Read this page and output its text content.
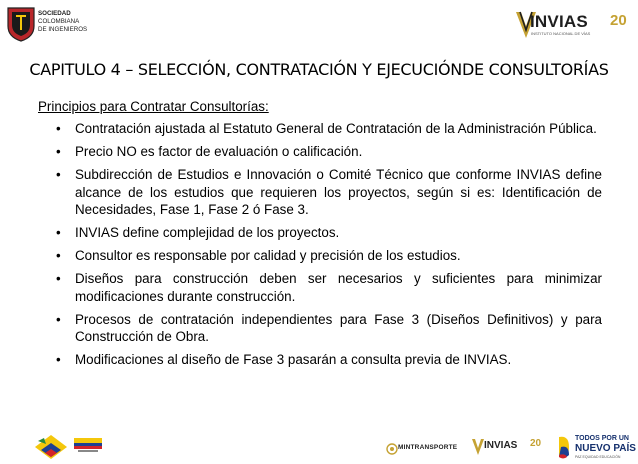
SOCIEDAD
COLOMBIANA
DE INGENIEROS	INVIAS
INSTITUTO NACIONAL DE VÍAS
20
CAPITULO 4 – SELECCIÓN, CONTRATACIÓN Y EJECUCIÓNDE CONSULTORÍAS
Principios para Contratar Consultorías:
• Contratación ajustada al Estatuto General de Contratación de la Administración Pública.
• Precio NO es factor de evaluación o calificación.
• Subdirección de Estudios e Innovación o Comité Técnico que conforme INVIAS define alcance de los estudios que requieren los proyectos, según si es: Identificación de Necesidades, Fase 1, Fase 2 ó Fase 3.
• INVIAS define complejidad de los proyectos.
• Consultor es responsable por calidad y precisión de los estudios.
• Diseños para construcción deben ser necesarios y suficientes para minimizar modificaciones durante construcción.
• Procesos de contratación independientes para Fase 3 (Diseños Definitivos) y para Construcción de Obra.
• Modificaciones al diseño de Fase 3 pasarán a consulta previa de INVIAS.
MINTRANSPORTE	INVIAS 20	TODOS POR UN
NUEVO PAÍS
PAZ EQUIDAD EDUCACIÓN
